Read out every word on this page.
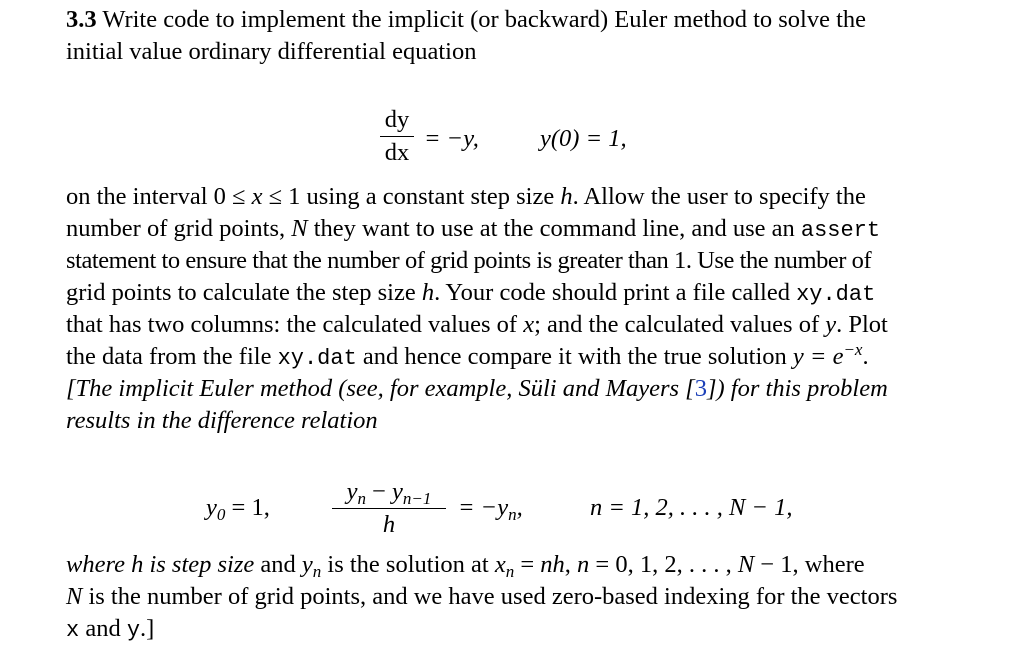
3.3 Write code to implement the implicit (or backward) Euler method to solve the
initial value ordinary differential equation
dy
dx
= −y, y(0) = 1,
on the interval 0 ≤ x ≤ 1 using a constant step size h. Allow the user to specify the
number of grid points, N they want to use at the command line, and use an assert
statement to ensure that the number of grid points is greater than 1. Use the number of
grid points to calculate the step size h. Your code should print a file called xy.dat
that has two columns: the calculated values of x; and the calculated values of y. Plot
the data from the file xy.dat and hence compare it with the true solution $y = e^{-x}$.
[The implicit Euler method (see, for example, Süli and Mayers [3]) for this problem
results in the difference relation
$y_0 = 1$,
$y_n - y_{n-1}$
h
= $-y_n$,	n = 1, 2, . . . , N − 1,
where h is step size and $y_n$ is the solution at $x_n$ = nh, n = 0, 1, 2, . . . , N − 1, where
N is the number of grid points, and we have used zero-based indexing for the vectors
x and y.]
